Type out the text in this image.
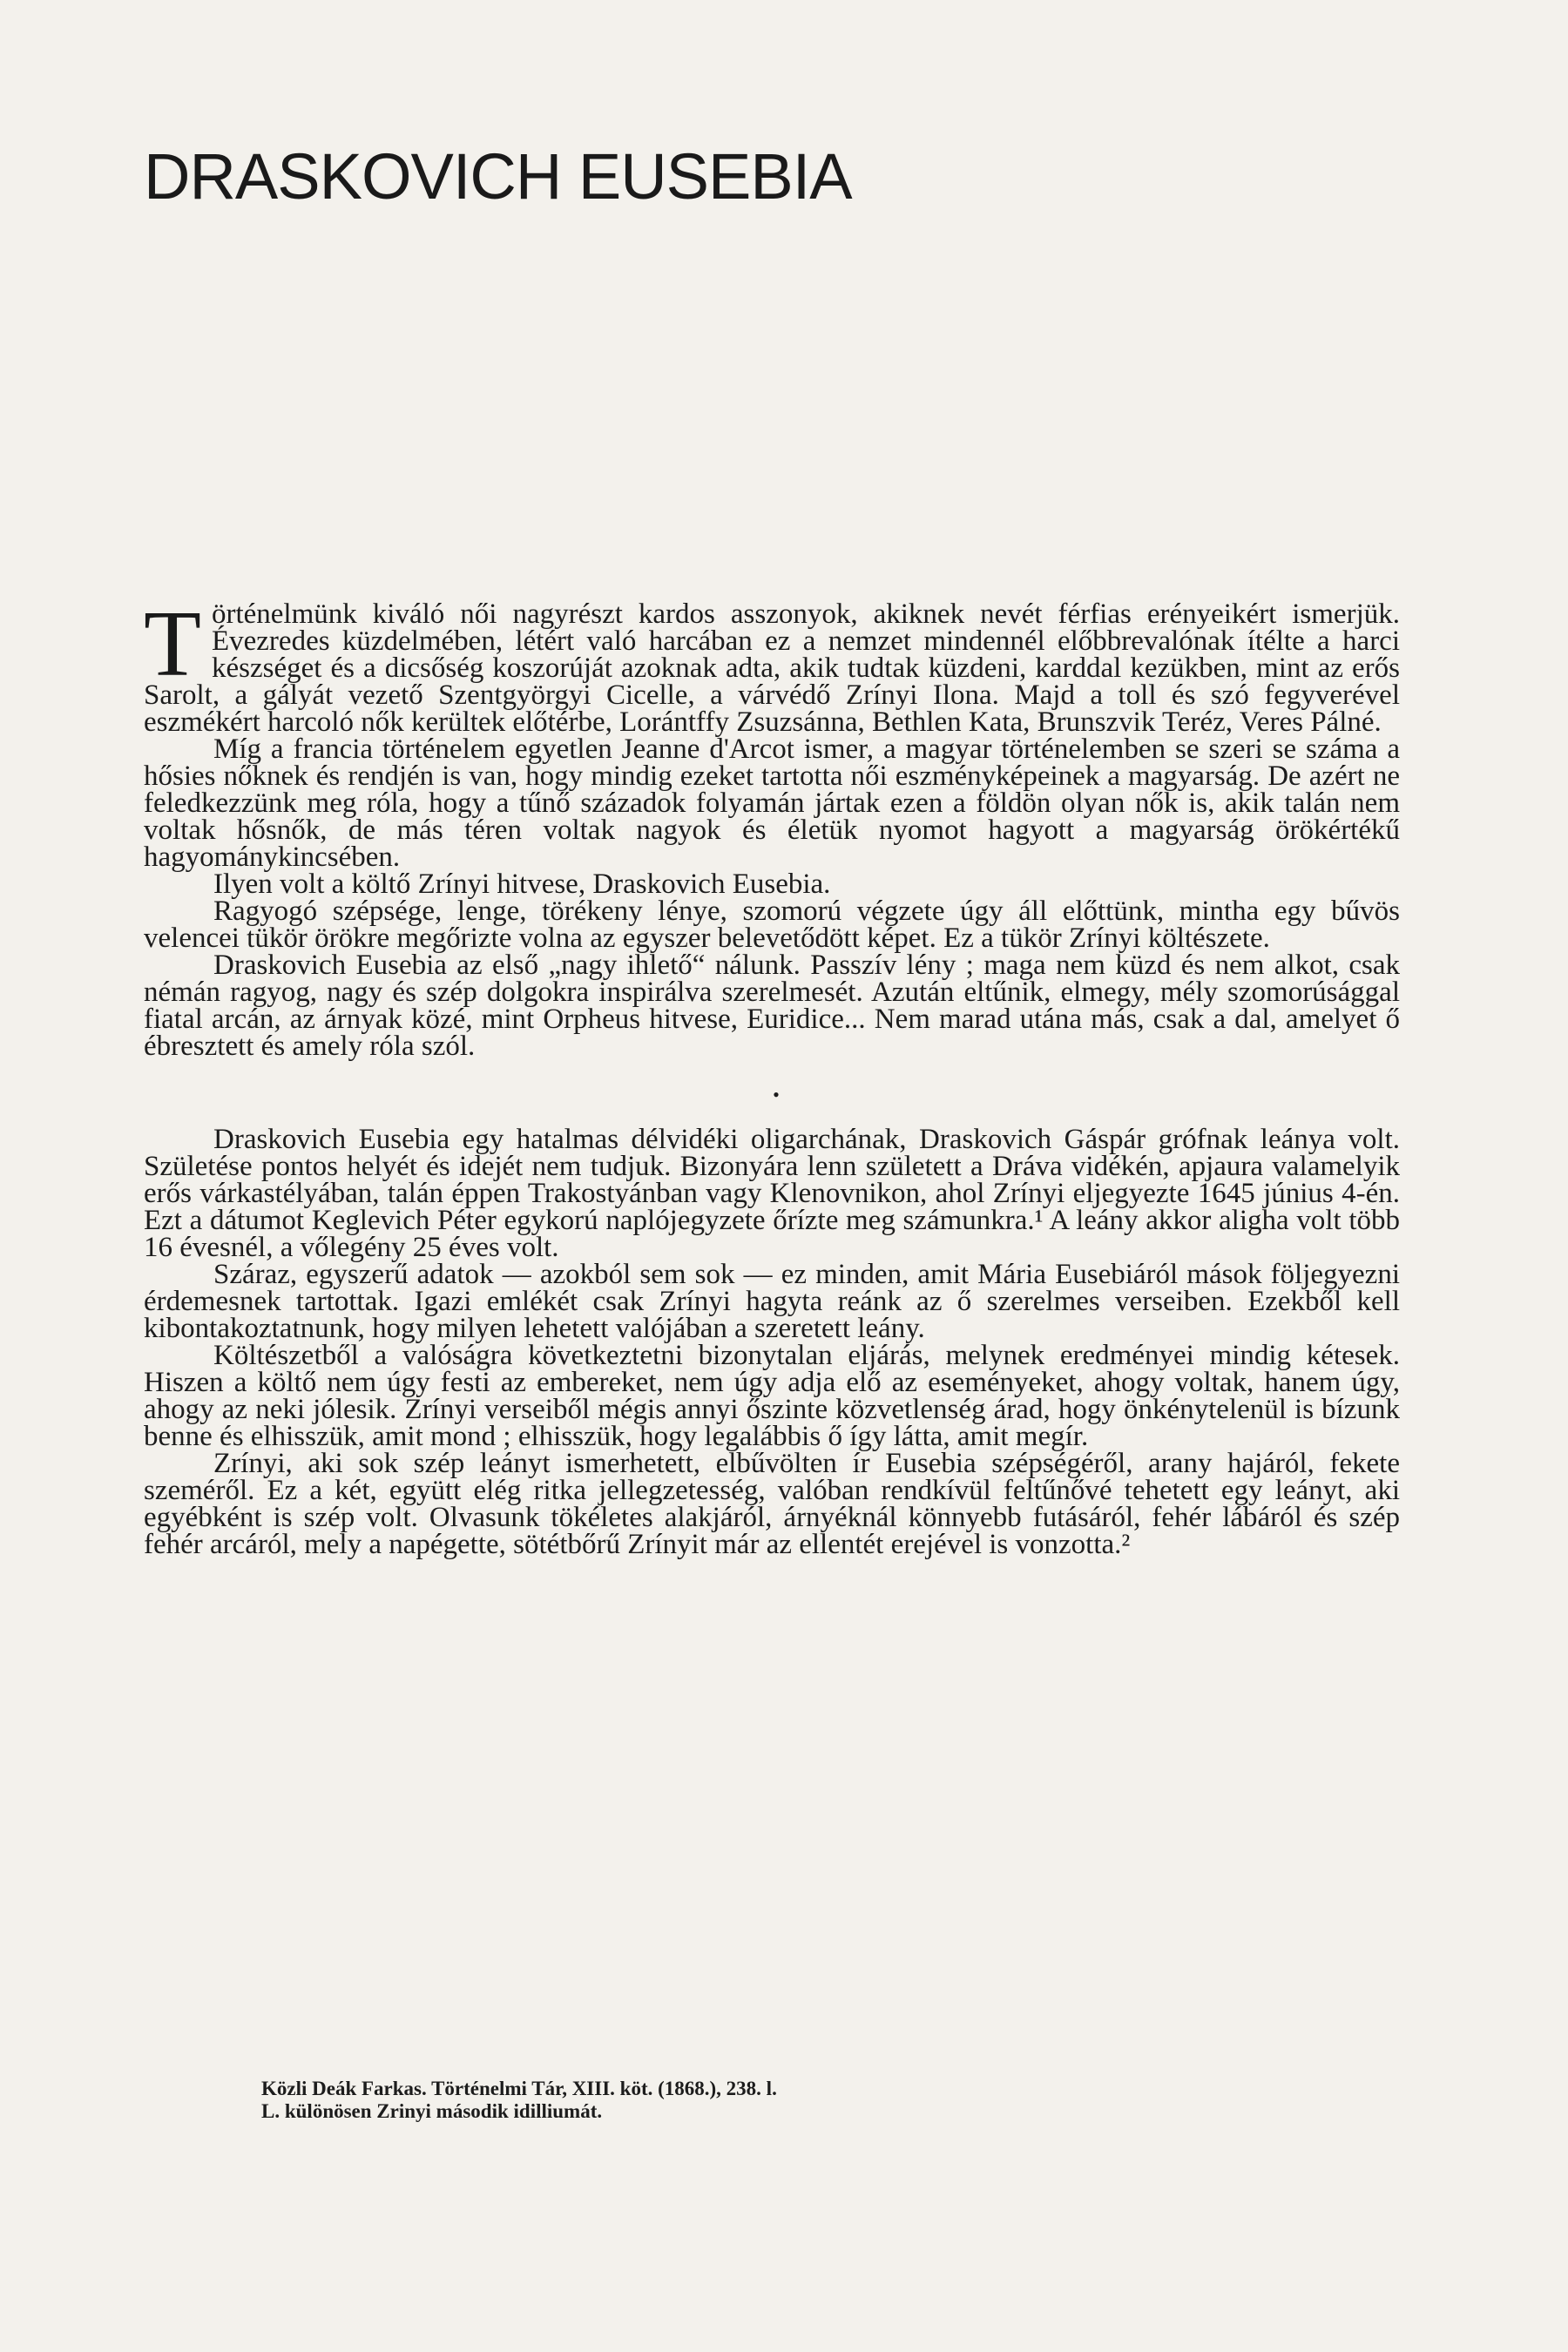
DRASKOVICH EUSEBIA

Történelmünk kiváló női nagyrészt kardos asszonyok, akiknek nevét férfias erényeikért ismerjük. Évezredes küzdelmében, létért való harcában ez a nemzet mindennél előbbrevalónak ítélte a harci készséget és a dicsőség koszorúját azoknak adta, akik tudtak küzdeni, karddal kezükben, mint az erős Sarolt, a gályát vezető Szentgyörgyi Cicelle, a várvédő Zrínyi Ilona. Majd a toll és szó fegyverével eszmékért harcoló nők kerültek előtérbe, Lorántffy Zsuzsánna, Bethlen Kata, Brunszvik Teréz, Veres Pálné.

Míg a francia történelem egyetlen Jeanne d'Arcot ismer, a magyar történelemben se szeri se száma a hősies nőknek és rendjén is van, hogy mindig ezeket tartotta női eszményképeinek a magyarság. De azért ne feledkezzünk meg róla, hogy a tűnő századok folyamán jártak ezen a földön olyan nők is, akik talán nem voltak hősnők, de más téren voltak nagyok és életük nyomot hagyott a magyarság örökértékű hagyománykincsében.

Ilyen volt a költő Zrínyi hitvese, Draskovich Eusebia.

Ragyogó szépsége, lenge, törékeny lénye, szomorú végzete úgy áll előttünk, mintha egy bűvös velencei tükör örökre megőrizte volna az egyszer belevetődött képet. Ez a tükör Zrínyi költészete.

Draskovich Eusebia az első „nagy ihlető“ nálunk. Passzív lény ; maga nem küzd és nem alkot, csak némán ragyog, nagy és szép dolgokra inspirálva szerelmesét. Azután eltűnik, elmegy, mély szomorúsággal fiatal arcán, az árnyak közé, mint Orpheus hitvese, Euridice... Nem marad utána más, csak a dal, amelyet ő ébresztett és amely róla szól.

•

Draskovich Eusebia egy hatalmas délvidéki oligarchának, Draskovich Gáspár grófnak leánya volt. Születése pontos helyét és idejét nem tudjuk. Bizonyára lenn született a Dráva vidékén, apjaura valamelyik erős várkastélyában, talán éppen Trakostyánban vagy Klenovnikon, ahol Zrínyi eljegyezte 1645 június 4-én. Ezt a dátumot Keglevich Péter egykorú naplójegyzete őrízte meg számunkra.¹ A leány akkor aligha volt több 16 évesnél, a vőlegény 25 éves volt.

Száraz, egyszerű adatok — azokból sem sok — ez minden, amit Mária Eusebiáról mások följegyezni érdemesnek tartottak. Igazi emlékét csak Zrínyi hagyta reánk az ő szerelmes verseiben. Ezekből kell kibontakoztatnunk, hogy milyen lehetett valójában a szeretett leány.

Költészetből a valóságra következtetni bizonytalan eljárás, melynek eredményei mindig kétesek. Hiszen a költő nem úgy festi az embereket, nem úgy adja elő az eseményeket, ahogy voltak, hanem úgy, ahogy az neki jólesik. Zrínyi verseiből mégis annyi őszinte közvetlenség árad, hogy önkénytelenül is bízunk benne és elhisszük, amit mond ; elhisszük, hogy legalábbis ő így látta, amit megír.

Zrínyi, aki sok szép leányt ismerhetett, elbűvölten ír Eusebia szépségéről, arany hajáról, fekete szeméről. Ez a két, együtt elég ritka jellegzetesség, valóban rendkívül feltűnővé tehetett egy leányt, aki egyébként is szép volt. Olvasunk tökéletes alakjáról, árnyéknál könnyebb futásáról, fehér lábáról és szép fehér arcáról, mely a napégette, sötétbőrű Zrínyit már az ellentét erejével is vonzotta.²

Közli Deák Farkas. Történelmi Tár, XIII. köt. (1868.), 238. l.
L. különösen Zrinyi második idilliumát.
